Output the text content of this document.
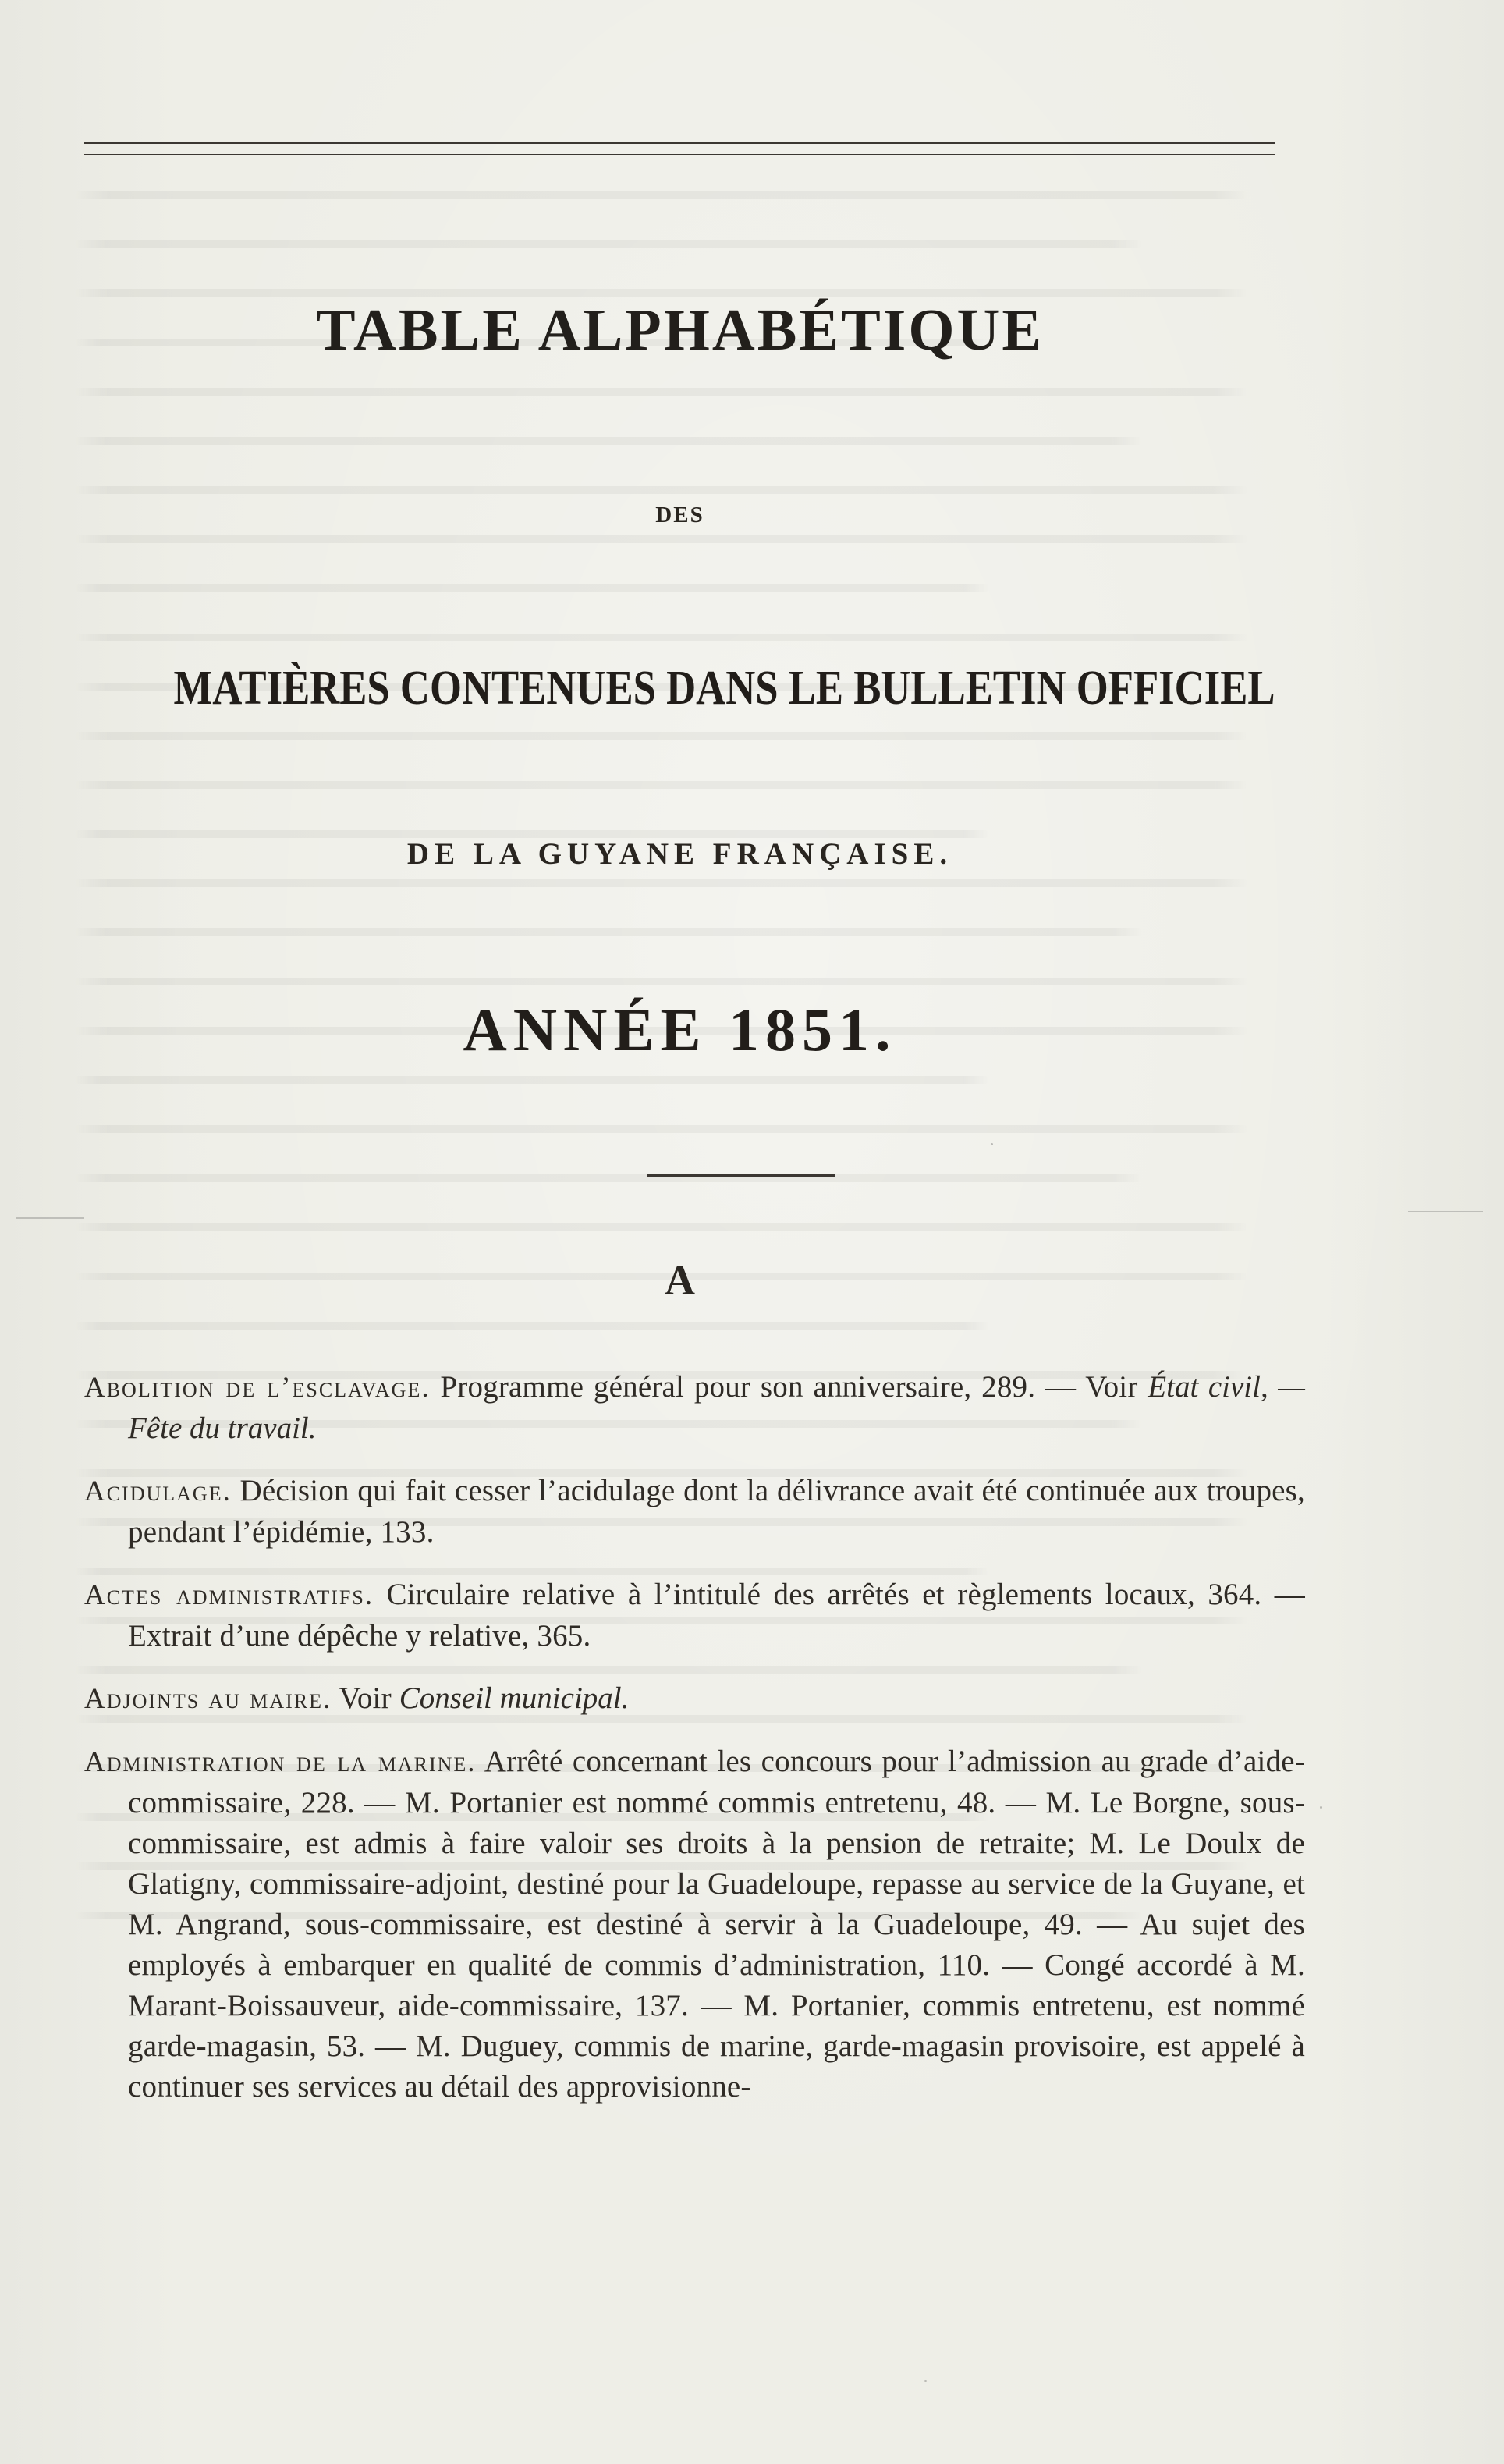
TABLE ALPHABÉTIQUE
DES
MATIÈRES CONTENUES DANS LE BULLETIN OFFICIEL
DE LA GUYANE FRANÇAISE.
ANNÉE 1851.
A

Abolition de l’esclavage. Programme général pour son anniversaire, 289. — Voir État civil, — Fête du travail.

Acidulage. Décision qui fait cesser l’acidulage dont la délivrance avait été continuée aux troupes, pendant l’épidémie, 133.

Actes administratifs. Circulaire relative à l’intitulé des arrêtés et règlements locaux, 364. — Extrait d’une dépêche y relative, 365.

Adjoints au maire. Voir Conseil municipal.

Administration de la marine. Arrêté concernant les concours pour l’admission au grade d’aide-commissaire, 228. — M. Portanier est nommé commis entretenu, 48. — M. Le Borgne, sous-commissaire, est admis à faire valoir ses droits à la pension de retraite; M. Le Doulx de Glatigny, commissaire-adjoint, destiné pour la Guadeloupe, repasse au service de la Guyane, et M. Angrand, sous-commissaire, est destiné à servir à la Guadeloupe, 49. — Au sujet des employés à embarquer en qualité de commis d’administration, 110. — Congé accordé à M. Marant-Boissauveur, aide-commissaire, 137. — M. Portanier, commis entretenu, est nommé garde-magasin, 53. — M. Duguey, commis de marine, garde-magasin provisoire, est appelé à continuer ses services au détail des approvisionne-
